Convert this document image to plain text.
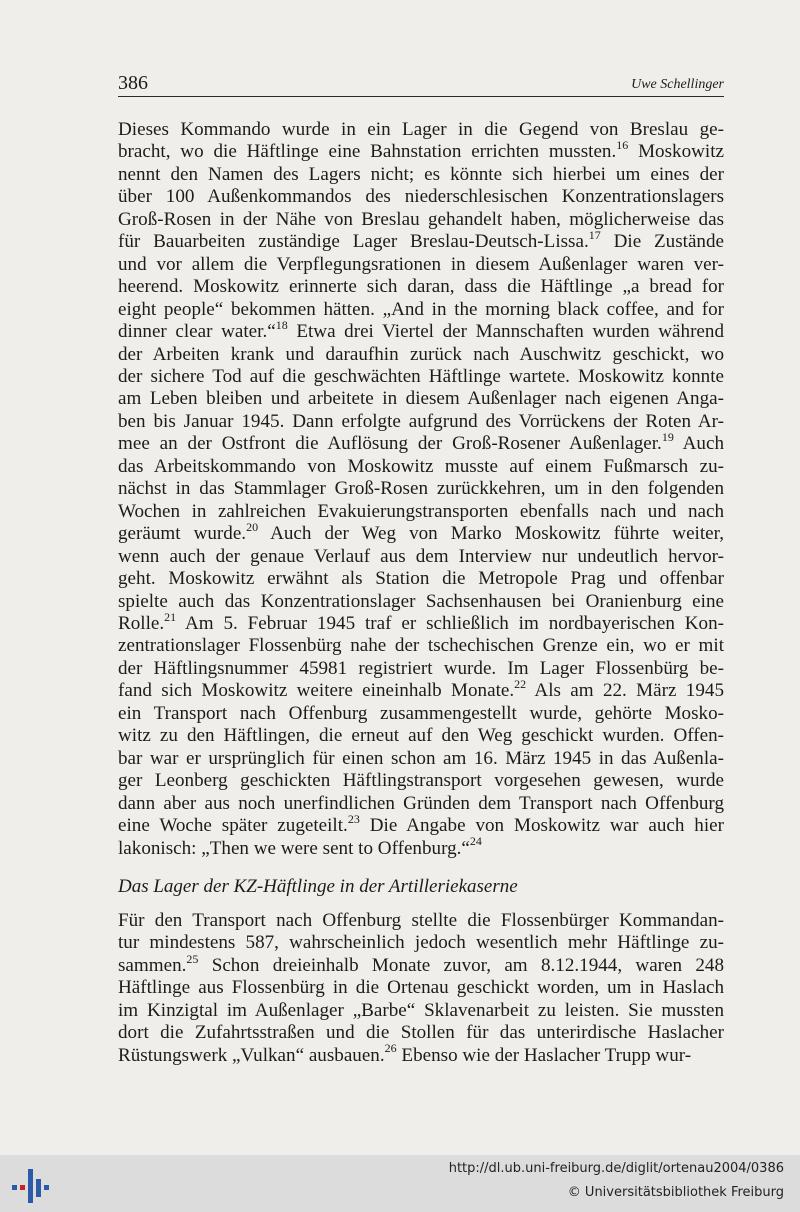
386	Uwe Schellinger
Dieses Kommando wurde in ein Lager in die Gegend von Breslau ge-
bracht, wo die Häftlinge eine Bahnstation errichten mussten.$^{16}$ Moskowitz
nennt den Namen des Lagers nicht; es könnte sich hierbei um eines der
über 100 Außenkommandos des niederschlesischen Konzentrationslagers
Groß-Rosen in der Nähe von Breslau gehandelt haben, möglicherweise das
für Bauarbeiten zuständige Lager Breslau-Deutsch-Lissa.$^{17}$ Die Zustände
und vor allem die Verpflegungsrationen in diesem Außenlager waren ver-
heerend. Moskowitz erinnerte sich daran, dass die Häftlinge „a bread for
eight people“ bekommen hätten. „And in the morning black coffee, and for
dinner clear water.“$^{18}$ Etwa drei Viertel der Mannschaften wurden während
der Arbeiten krank und daraufhin zurück nach Auschwitz geschickt, wo
der sichere Tod auf die geschwächten Häftlinge wartete. Moskowitz konnte
am Leben bleiben und arbeitete in diesem Außenlager nach eigenen Anga-
ben bis Januar 1945. Dann erfolgte aufgrund des Vorrückens der Roten Ar-
mee an der Ostfront die Auflösung der Groß-Rosener Außenlager.$^{19}$ Auch
das Arbeitskommando von Moskowitz musste auf einem Fußmarsch zu-
nächst in das Stammlager Groß-Rosen zurückkehren, um in den folgenden
Wochen in zahlreichen Evakuierungstransporten ebenfalls nach und nach
geräumt wurde.$^{20}$ Auch der Weg von Marko Moskowitz führte weiter,
wenn auch der genaue Verlauf aus dem Interview nur undeutlich hervor-
geht. Moskowitz erwähnt als Station die Metropole Prag und offenbar
spielte auch das Konzentrationslager Sachsenhausen bei Oranienburg eine
Rolle.$^{21}$ Am 5. Februar 1945 traf er schließlich im nordbayerischen Kon-
zentrationslager Flossenbürg nahe der tschechischen Grenze ein, wo er mit
der Häftlingsnummer 45981 registriert wurde. Im Lager Flossenbürg be-
fand sich Moskowitz weitere eineinhalb Monate.$^{22}$ Als am 22. März 1945
ein Transport nach Offenburg zusammengestellt wurde, gehörte Mosko-
witz zu den Häftlingen, die erneut auf den Weg geschickt wurden. Offen-
bar war er ursprünglich für einen schon am 16. März 1945 in das Außenla-
ger Leonberg geschickten Häftlingstransport vorgesehen gewesen, wurde
dann aber aus noch unerfindlichen Gründen dem Transport nach Offenburg
eine Woche später zugeteilt.$^{23}$ Die Angabe von Moskowitz war auch hier
lakonisch: „Then we were sent to Offenburg.“$^{24}$
Das Lager der KZ-Häftlinge in der Artilleriekaserne
Für den Transport nach Offenburg stellte die Flossenbürger Kommandan-
tur mindestens 587, wahrscheinlich jedoch wesentlich mehr Häftlinge zu-
sammen.$^{25}$ Schon dreieinhalb Monate zuvor, am 8.12.1944, waren 248
Häftlinge aus Flossenbürg in die Ortenau geschickt worden, um in Haslach
im Kinzigtal im Außenlager „Barbe“ Sklavenarbeit zu leisten. Sie mussten
dort die Zufahrtsstraßen und die Stollen für das unterirdische Haslacher
Rüstungswerk „Vulkan“ ausbauen.$^{26}$ Ebenso wie der Haslacher Trupp wur-
http://dl.ub.uni-freiburg.de/diglit/ortenau2004/0386
© Universitätsbibliothek Freiburg
